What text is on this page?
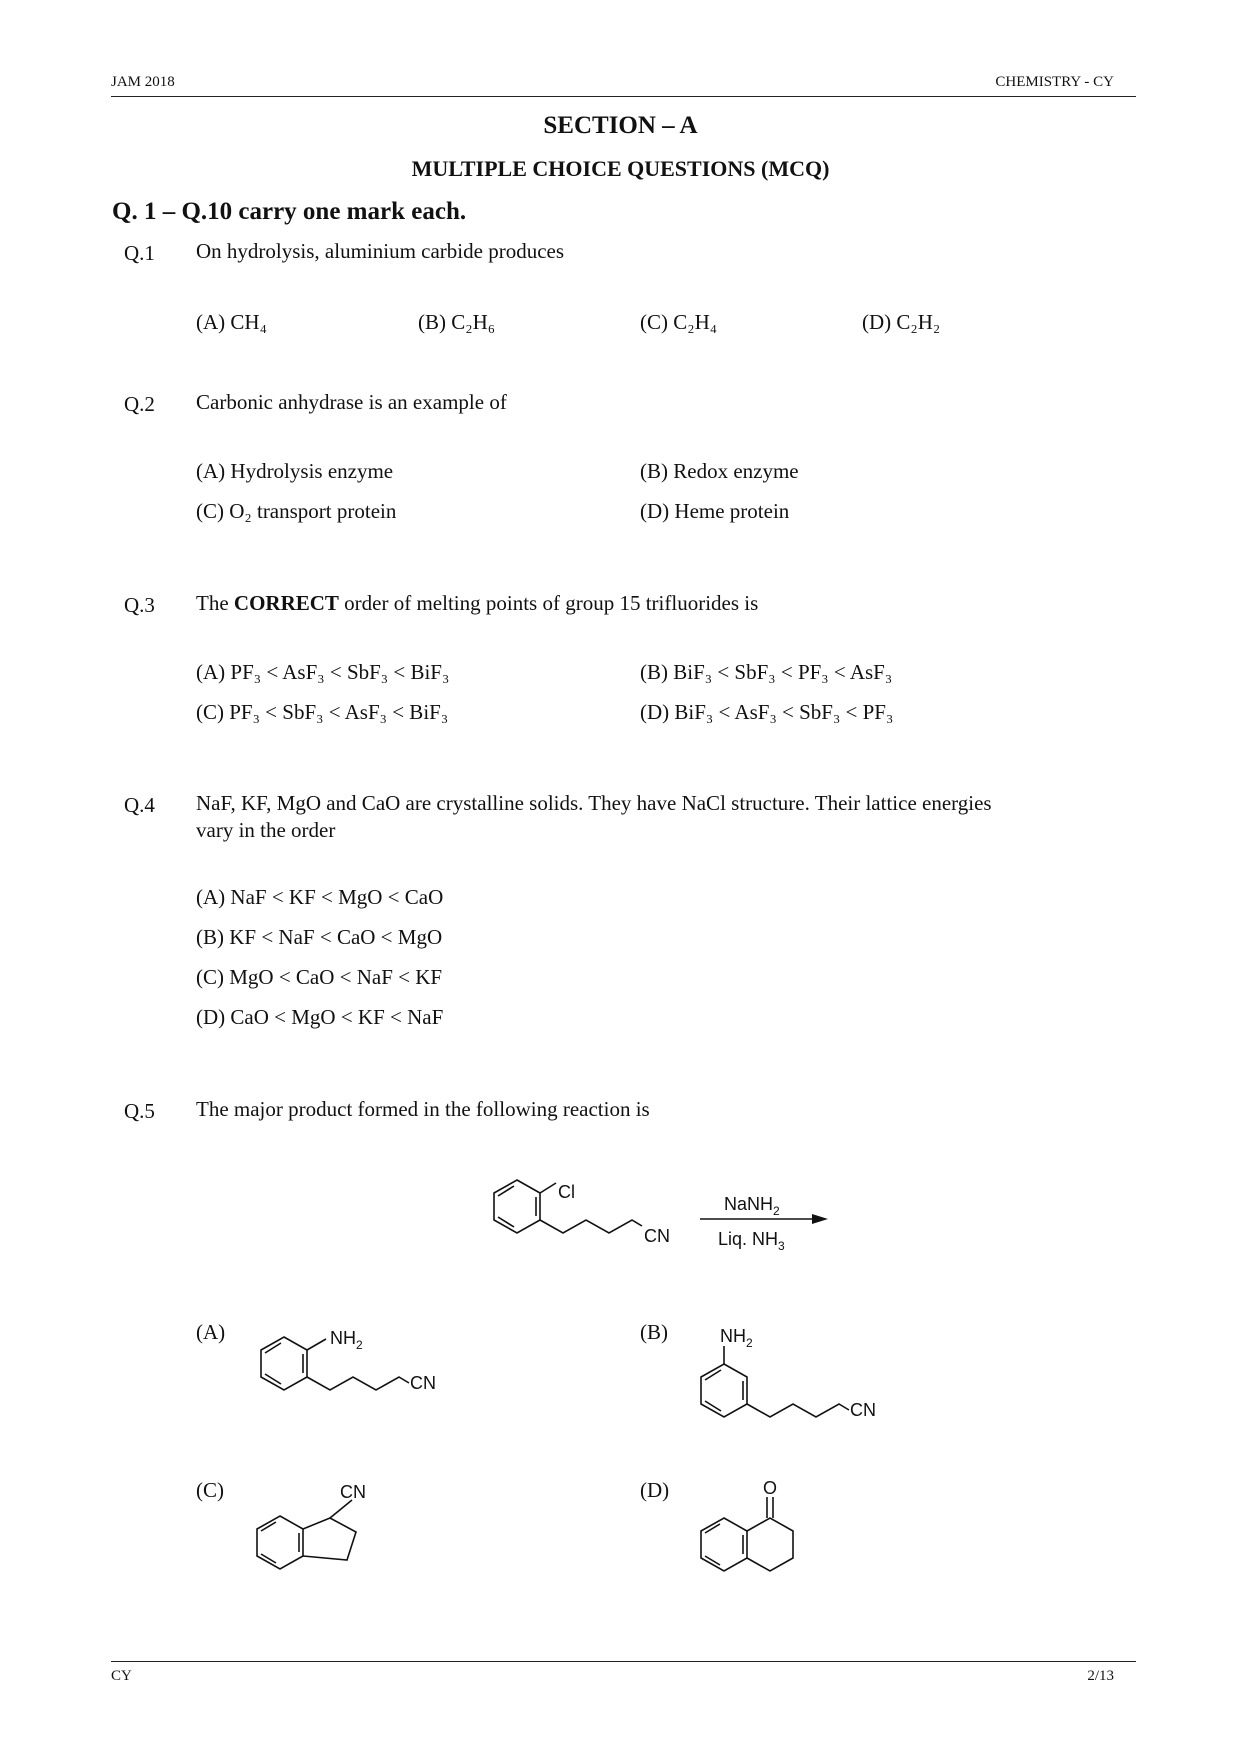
JAM 2018	CHEMISTRY - CY
SECTION – A
MULTIPLE CHOICE QUESTIONS (MCQ)
Q. 1 – Q.10 carry one mark each.
Q.1 On hydrolysis, aluminium carbide produces
(A) CH₄	(B) C₂H₆	(C) C₂H₄	(D) C₂H₂
Q.2 Carbonic anhydrase is an example of
(A) Hydrolysis enzyme	(B) Redox enzyme
(C) O₂ transport protein	(D) Heme protein
Q.3 The CORRECT order of melting points of group 15 trifluorides is
(A) PF₃ < AsF₃ < SbF₃ < BiF₃	(B) BiF₃ < SbF₃ < PF₃ < AsF₃
(C) PF₃ < SbF₃ < AsF₃ < BiF₃	(D) BiF₃ < AsF₃ < SbF₃ < PF₃
Q.4 NaF, KF, MgO and CaO are crystalline solids. They have NaCl structure. Their lattice energies
vary in the order
(A) NaF < KF < MgO < CaO
(B) KF < NaF < CaO < MgO
(C) MgO < CaO < NaF < KF
(D) CaO < MgO < KF < NaF
Q.5 The major product formed in the following reaction is
Cl
CN
NaNH$_2$
Liq. $NH_3$
$NH_2$
CN
$NH_2$
CN
CN	O
(A)	(B)
(C)	(D)
CY	2/13
